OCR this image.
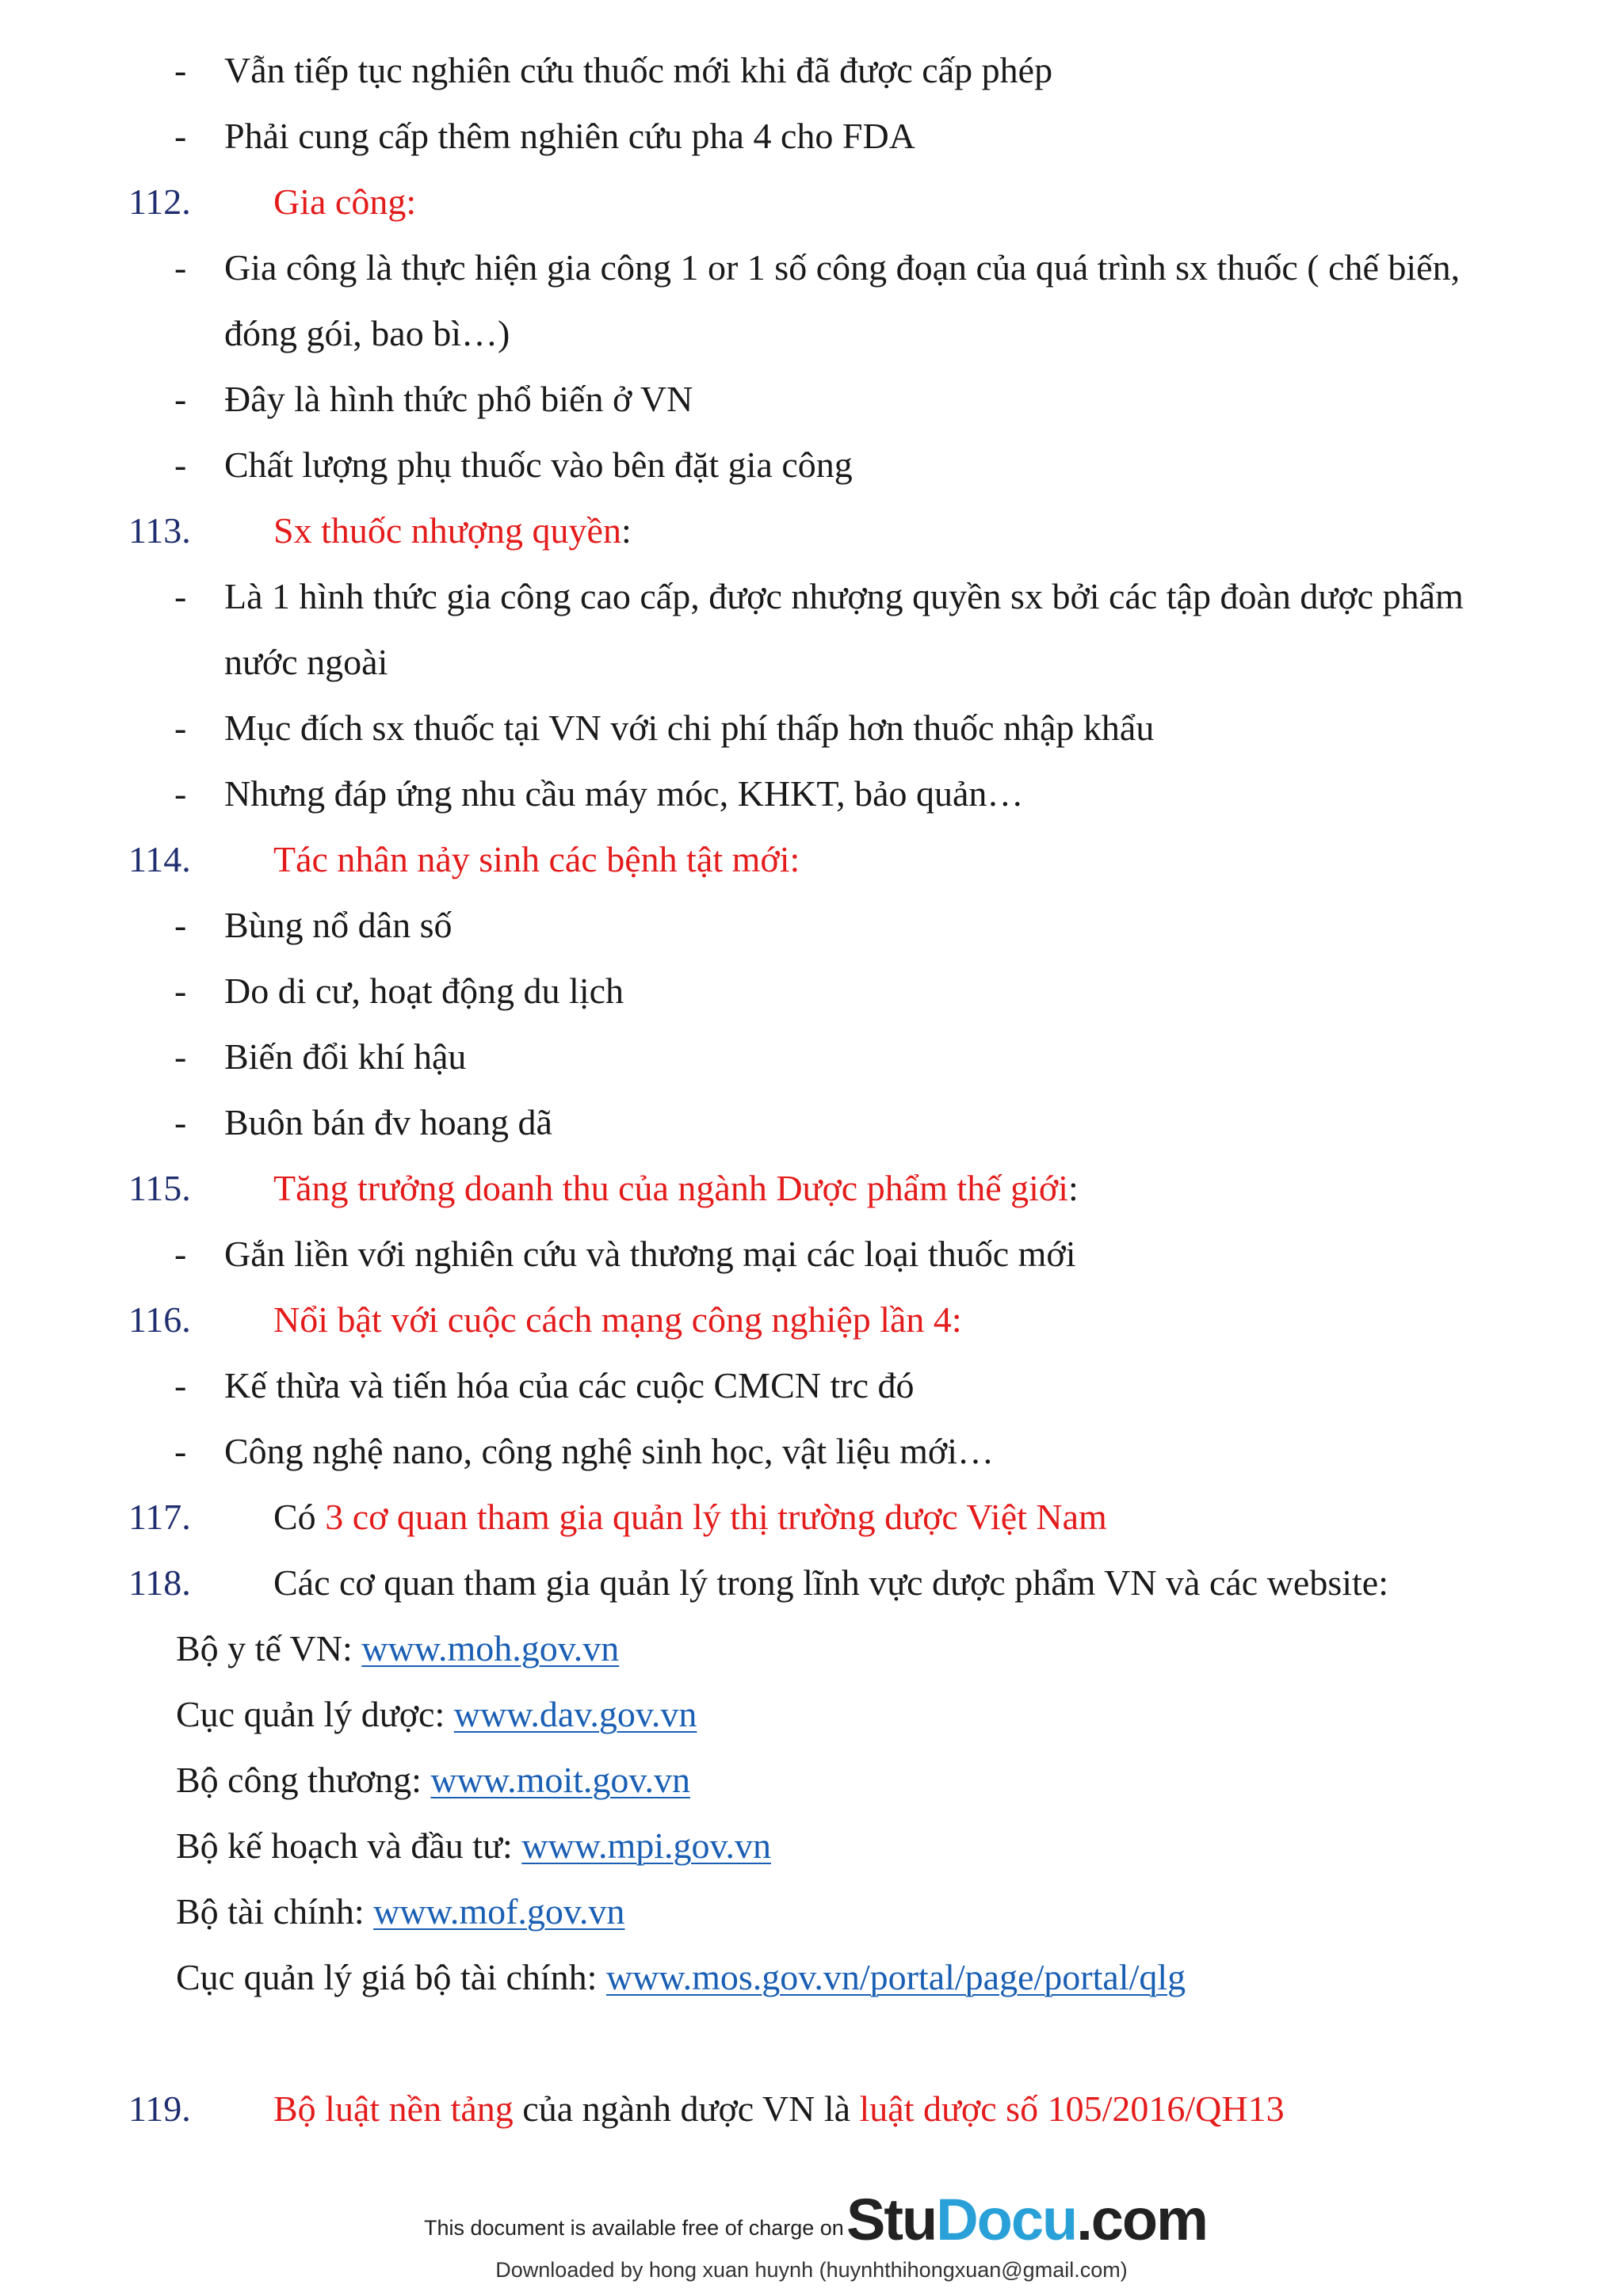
- Vẫn tiếp tục nghiên cứu thuốc mới khi đã được cấp phép
- Phải cung cấp thêm nghiên cứu pha 4 cho FDA
112. Gia công:
- Gia công là thực hiện gia công 1 or 1 số công đoạn của quá trình sx thuốc ( chế biến,
đóng gói, bao bì…)
- Đây là hình thức phổ biến ở VN
- Chất lượng phụ thuốc vào bên đặt gia công
113. Sx thuốc nhượng quyền:
- Là 1 hình thức gia công cao cấp, được nhượng quyền sx bởi các tập đoàn dược phẩm
nước ngoài
- Mục đích sx thuốc tại VN với chi phí thấp hơn thuốc nhập khẩu
- Nhưng đáp ứng nhu cầu máy móc, KHKT, bảo quản…
114. Tác nhân nảy sinh các bệnh tật mới:
- Bùng nổ dân số
- Do di cư, hoạt động du lịch
- Biến đổi khí hậu
- Buôn bán đv hoang dã
115. Tăng trưởng doanh thu của ngành Dược phẩm thế giới:
- Gắn liền với nghiên cứu và thương mại các loại thuốc mới
116. Nổi bật với cuộc cách mạng công nghiệp lần 4:
- Kế thừa và tiến hóa của các cuộc CMCN trc đó
- Công nghệ nano, công nghệ sinh học, vật liệu mới…
117. Có 3 cơ quan tham gia quản lý thị trường dược Việt Nam
118. Các cơ quan tham gia quản lý trong lĩnh vực dược phẩm VN và các website:
Bộ y tế VN: www.moh.gov.vn
Cục quản lý dược: www.dav.gov.vn
Bộ công thương: www.moit.gov.vn
Bộ kế hoạch và đầu tư: www.mpi.gov.vn
Bộ tài chính: www.mof.gov.vn
Cục quản lý giá bộ tài chính: www.mos.gov.vn/portal/page/portal/qlg
119. Bộ luật nền tảng của ngành dược VN là luật dược số 105/2016/QH13
This document is available free of charge on StuDocu.com
Downloaded by hong xuan huynh (huynhthihongxuan@gmail.com)
